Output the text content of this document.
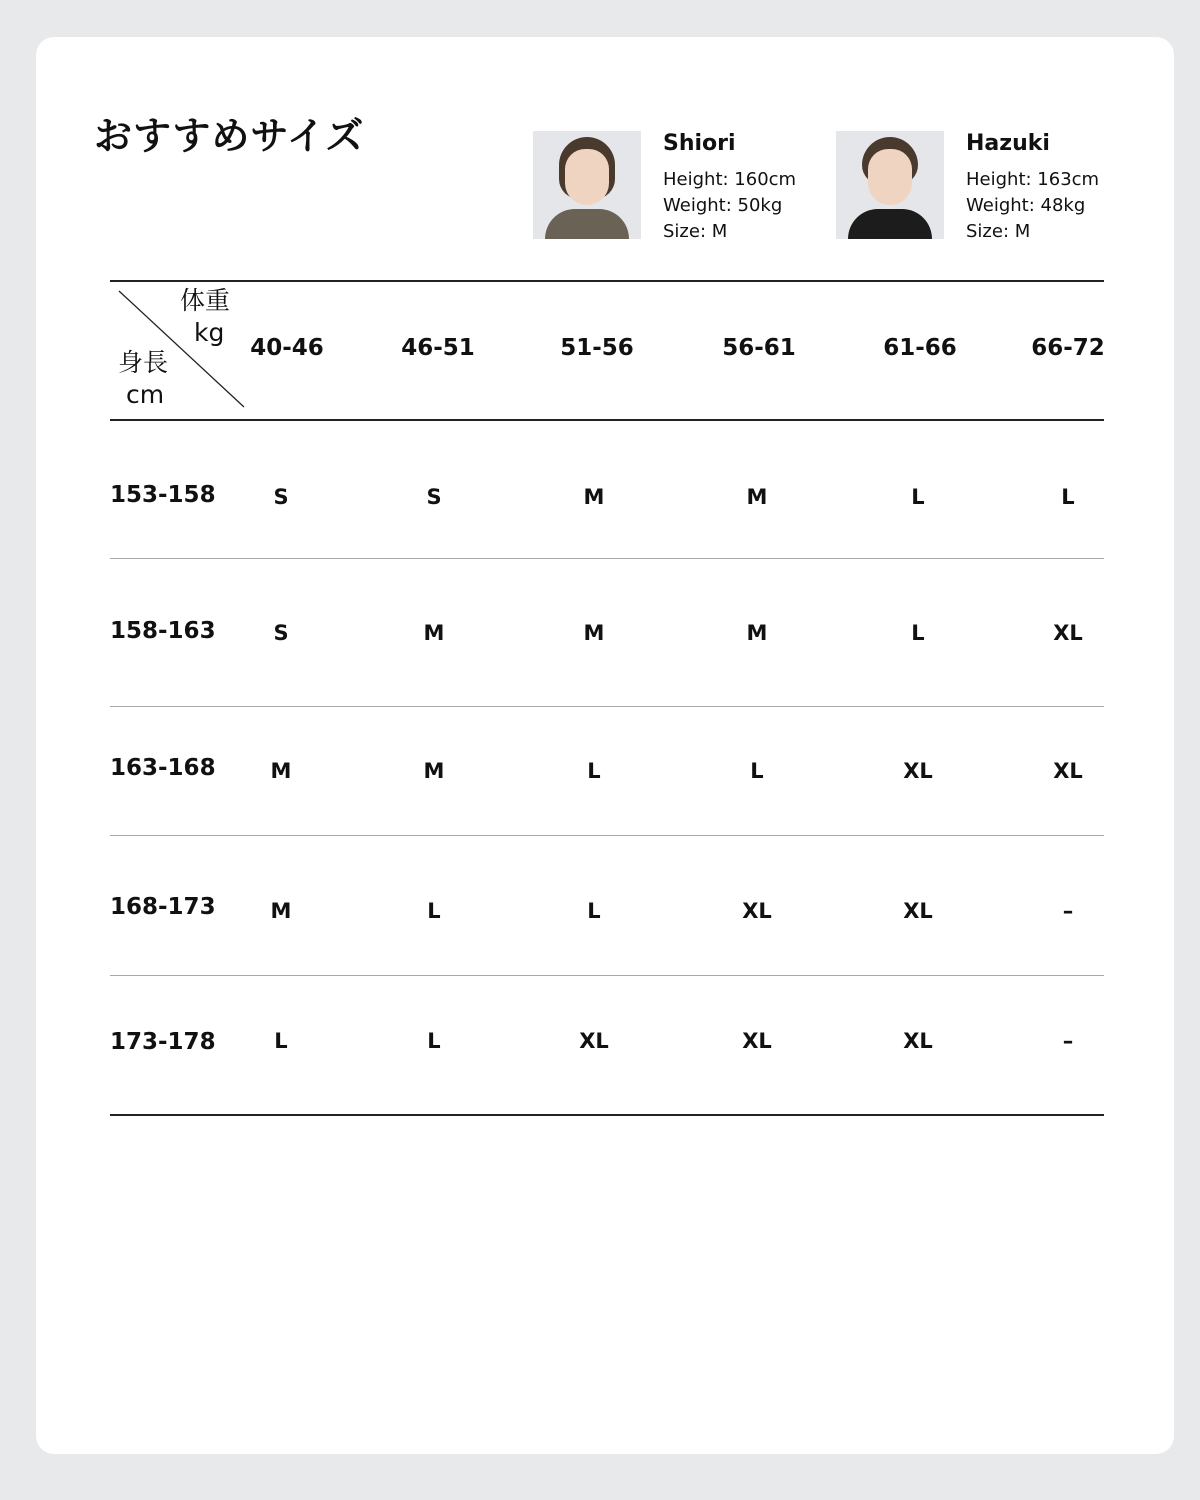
おすすめサイズ	Shiori

Height: 160cm

Weight: 50kg

Size: M

Hazuki

Height: 163cm

Weight: 48kg

Size: M

体重
kg
身長
cm
40-46	46-51	51-56	56-61	61-66	66-72
153-158	S	S	M	M	L	L
158-163	S	M	M	M	L	XL
163-168	M	M	L	L	XL	XL
168-173	M	L	L	XL	XL	–
173-178	L	L	XL	XL	XL	–
